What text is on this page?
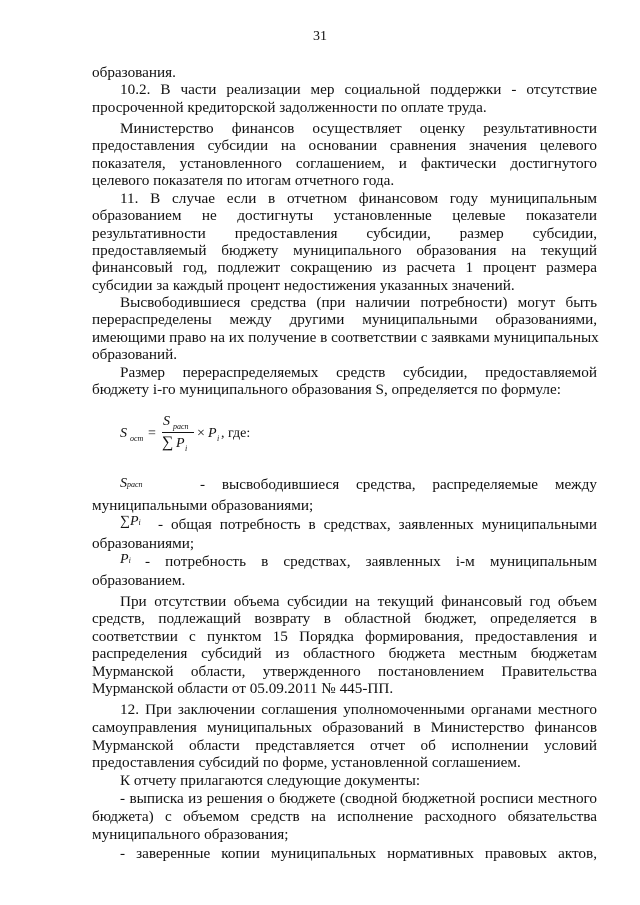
31
образования.
10.2. В части реализации мер социальной поддержки - отсутствие
просроченной кредиторской задолженности по оплате труда.
Министерство финансов осуществляет оценку результативности
предоставления субсидии на основании сравнения значения целевого
показателя, установленного соглашением, и фактически достигнутого
целевого показателя по итогам отчетного года.
11. В случае если в отчетном финансовом году муниципальным
образованием не достигнуты установленные целевые показатели
результативности предоставления субсидии, размер субсидии,
предоставляемый бюджету муниципального образования на текущий
финансовый год, подлежит сокращению из расчета 1 процент размера
субсидии за каждый процент недостижения указанных значений.
Высвободившиеся средства (при наличии потребности) могут быть
перераспределены между другими муниципальными образованиями,
имеющими право на их получение в соответствии с заявками муниципальных
образований.
Размер перераспределяемых средств субсидии, предоставляемой
бюджету i-го муниципального образования S, определяется по формуле:
S ост =
S расп
∑ P i
× P i , где:
Sрасп	- высвободившиеся средства, распределяемые между
муниципальными образованиями;
∑Pi - общая потребность в средствах, заявленных муниципальными
образованиями;
Pi - потребность в средствах, заявленных i-м муниципальным
образованием.
При отсутствии объема субсидии на текущий финансовый год объем
средств, подлежащий возврату в областной бюджет, определяется в
соответствии с пунктом 15 Порядка формирования, предоставления и
распределения субсидий из областного бюджета местным бюджетам
Мурманской области, утвержденного постановлением Правительства
Мурманской области от 05.09.2011 № 445-ПП.
12. При заключении соглашения уполномоченными органами местного
самоуправления муниципальных образований в Министерство финансов
Мурманской области представляется отчет об исполнении условий
предоставления субсидий по форме, установленной соглашением.
К отчету прилагаются следующие документы:
- выписка из решения о бюджете (сводной бюджетной росписи местного
бюджета) с объемом средств на исполнение расходного обязательства
муниципального образования;
- заверенные копии муниципальных нормативных правовых актов,
